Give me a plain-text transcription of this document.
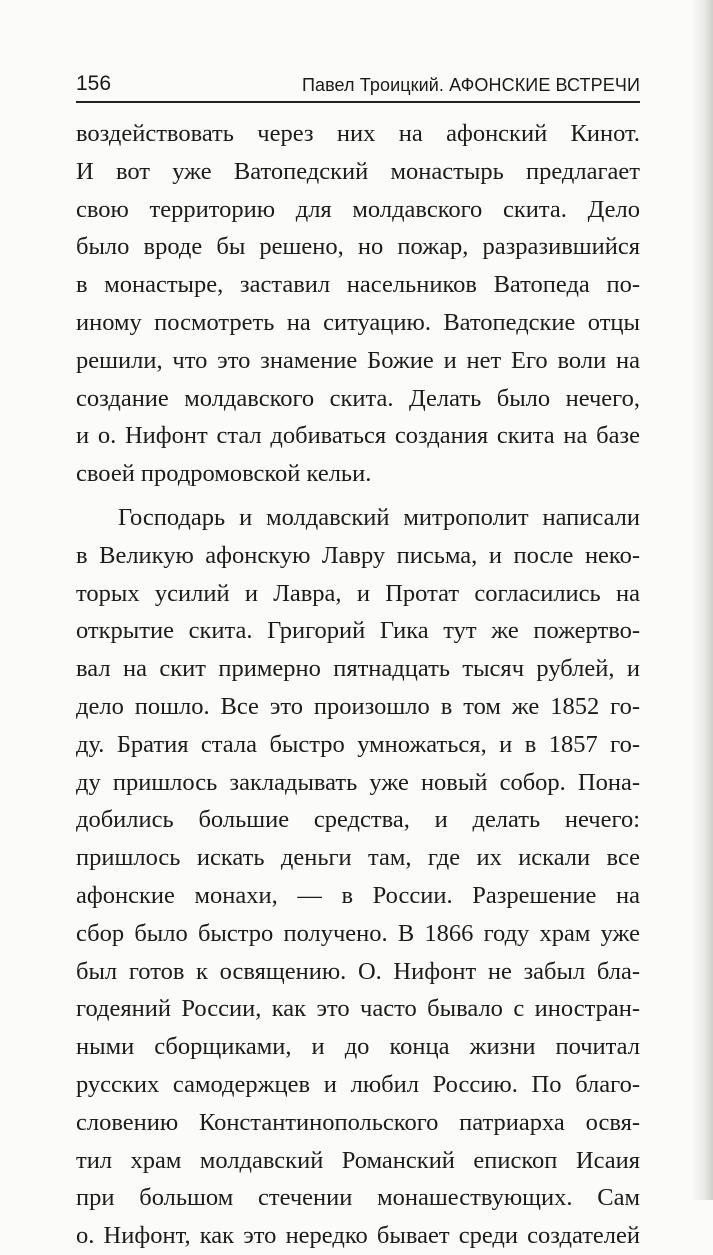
156	Павел Троицкий. АФОНСКИЕ ВСТРЕЧИ
воздействовать через них на афонский Кинот.
И вот уже Ватопедский монастырь предлагает
свою территорию для молдавского скита. Дело
было вроде бы решено, но пожар, разразившийся
в монастыре, заставил насельников Ватопеда по-
иному посмотреть на ситуацию. Ватопедские отцы
решили, что это знамение Божие и нет Его воли на
создание молдавского скита. Делать было нечего,
и о. Нифонт стал добиваться создания скита на базе
своей продромовской кельи.
Господарь и молдавский митрополит написали
в Великую афонскую Лавру письма, и после неко-
торых усилий и Лавра, и Протат согласились на
открытие скита. Григорий Гика тут же пожертво-
вал на скит примерно пятнадцать тысяч рублей, и
дело пошло. Все это произошло в том же 1852 го-
ду. Братия стала быстро умножаться, и в 1857 го-
ду пришлось закладывать уже новый собор. Пона-
добились большие средства, и делать нечего:
пришлось искать деньги там, где их искали все
афонские монахи, — в России. Разрешение на
сбор было быстро получено. В 1866 году храм уже
был готов к освящению. О. Нифонт не забыл бла-
годеяний России, как это часто бывало с иностран-
ными сборщиками, и до конца жизни почитал
русских самодержцев и любил Россию. По благо-
словению Константинопольского патриарха освя-
тил храм молдавский Романский епископ Исаия
при большом стечении монашествующих. Сам
о. Нифонт, как это нередко бывает среди создателей
